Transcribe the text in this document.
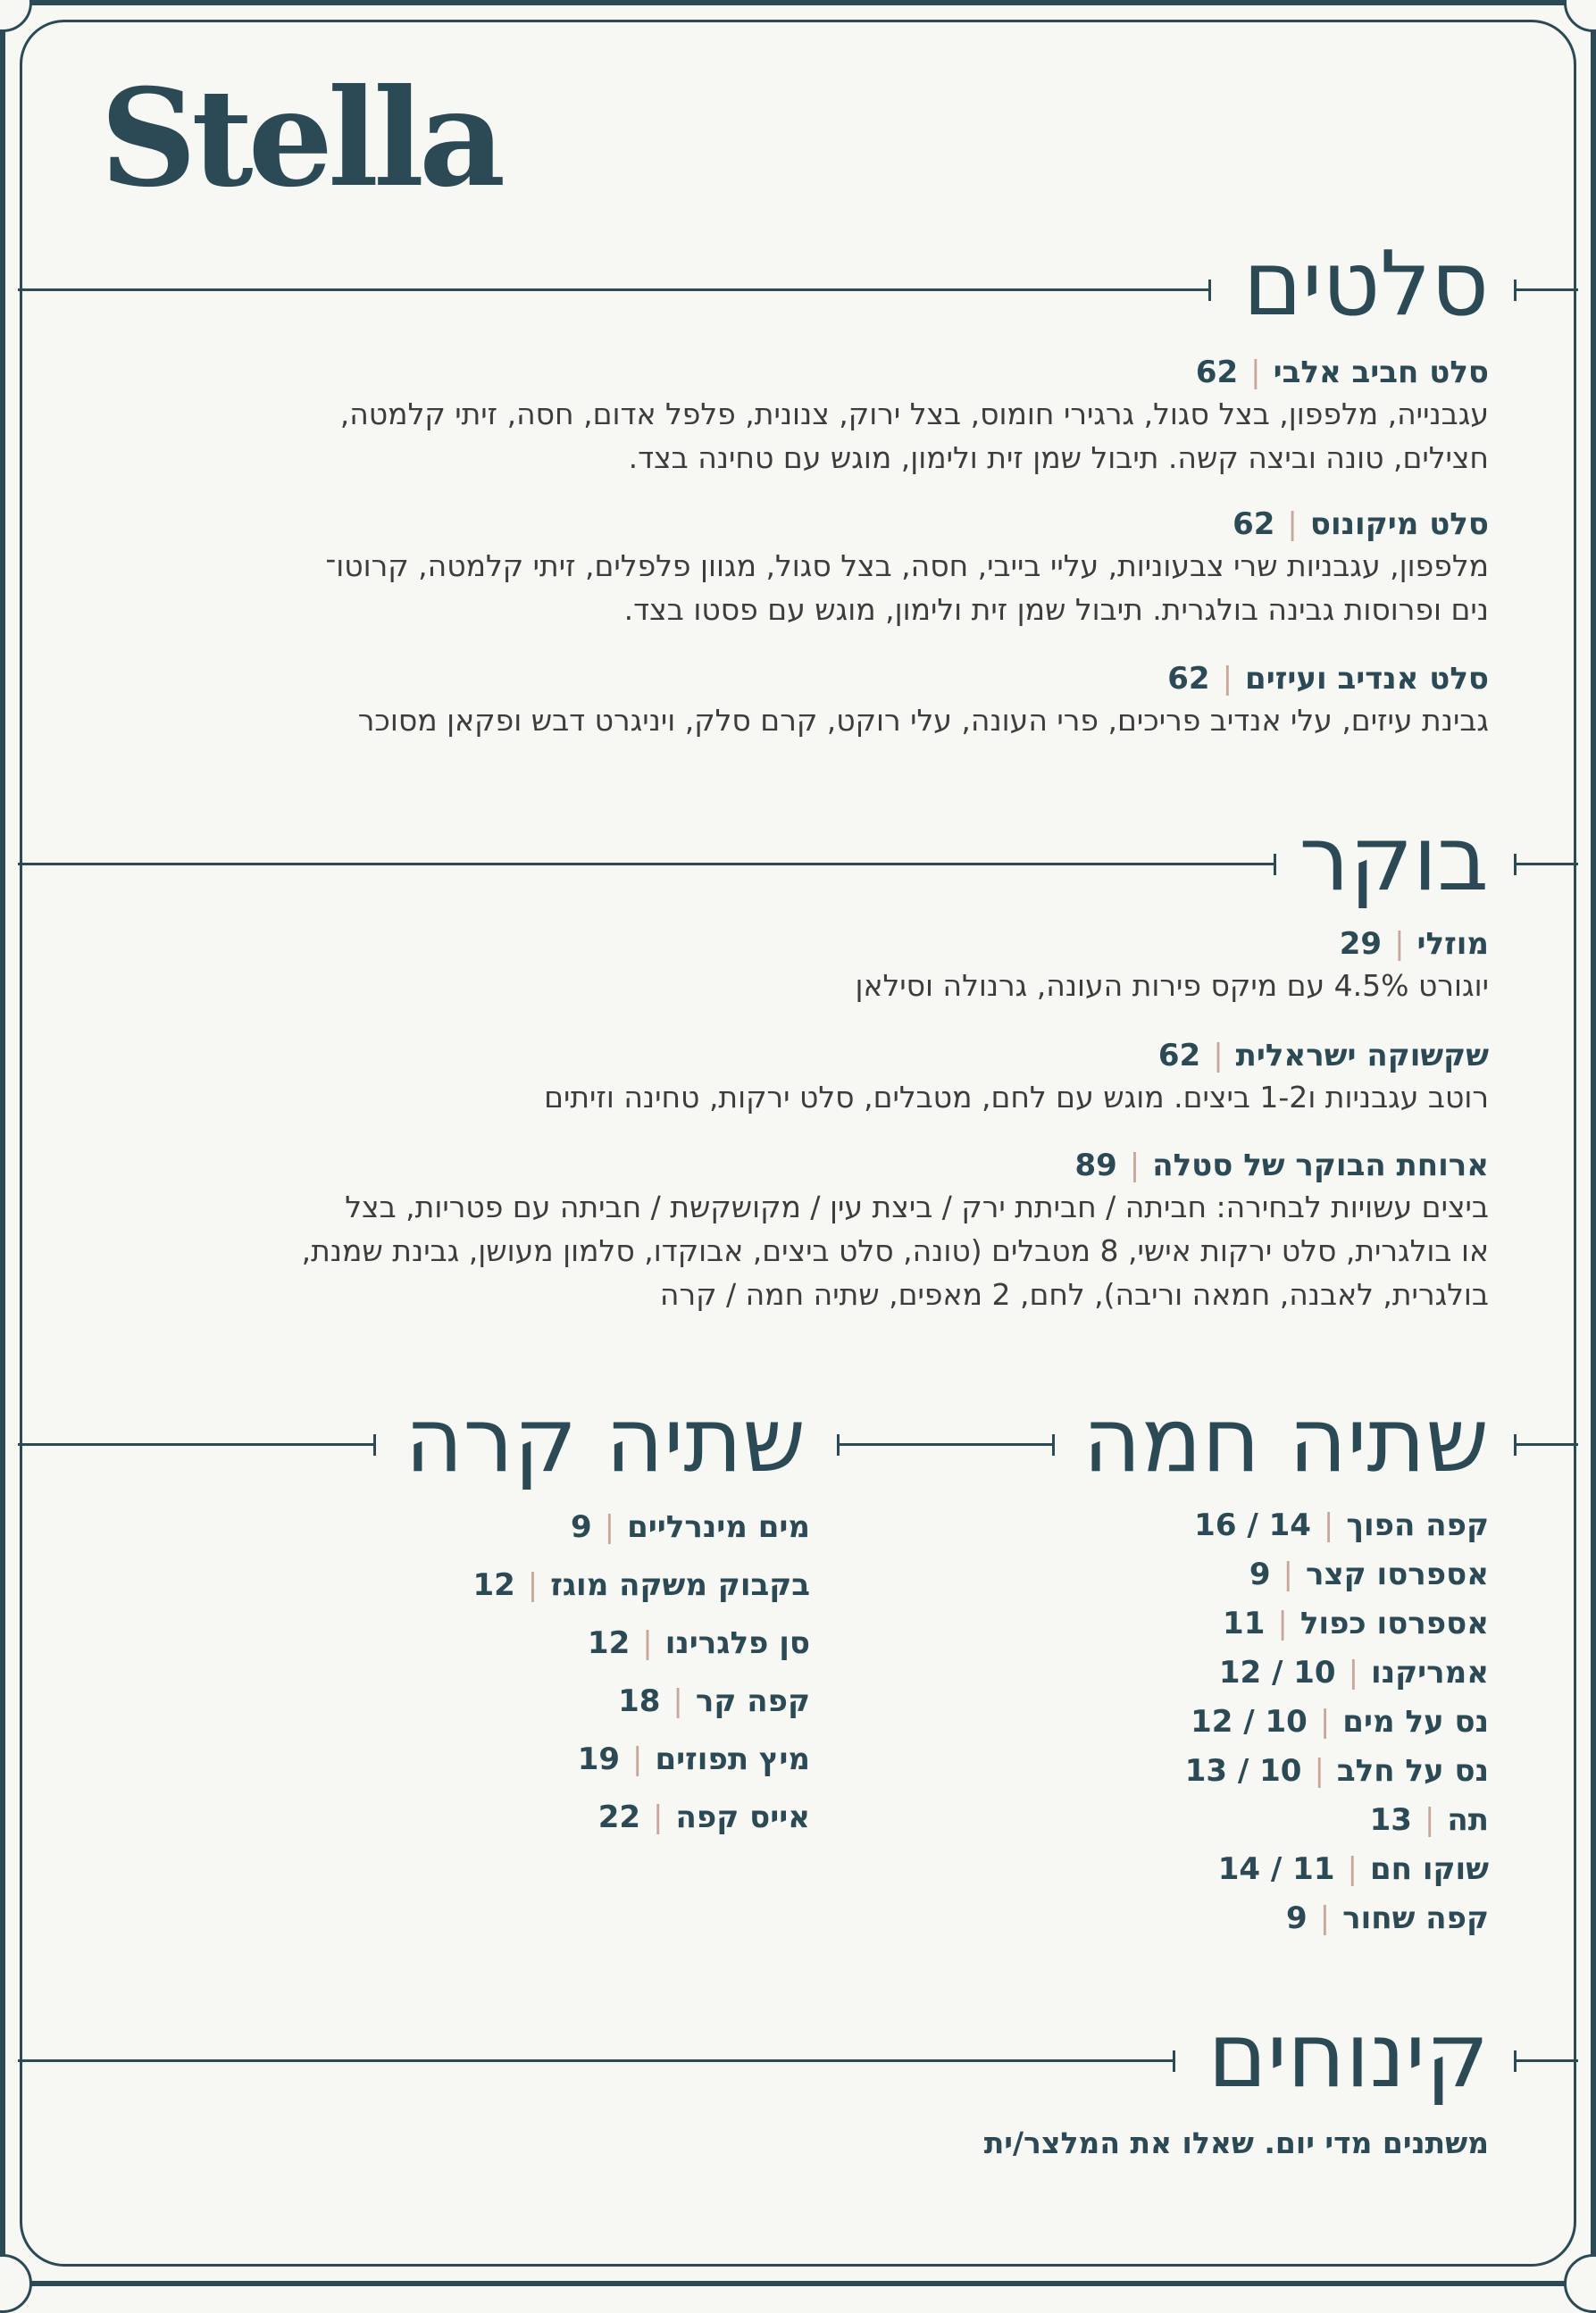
Stella
סלטים
סלט חביב אלבי|62
עגבנייה, מלפפון, בצל סגול, גרגירי חומוס, בצל ירוק, צנונית, פלפל אדום, חסה, זיתי קלמטה,
חצילים, טונה וביצה קשה. תיבול שמן זית ולימון, מוגש עם טחינה בצד.
סלט מיקונוס|62
מלפפון, עגבניות שרי צבעוניות, עליי בייבי, חסה, בצל סגול, מגוון פלפלים, זיתי קלמטה, קרוטו־
נים ופרוסות גבינה בולגרית. תיבול שמן זית ולימון, מוגש עם פסטו בצד.
סלט אנדיב ועיזים|62
גבינת עיזים, עלי אנדיב פריכים, פרי העונה, עלי רוקט, קרם סלק, ויניגרט דבש ופקאן מסוכר
בוקר
מוזלי|29
יוגורט 4.5% עם מיקס פירות העונה, גרנולה וסילאן
שקשוקה ישראלית|62
רוטב עגבניות ו1-2 ביצים. מוגש עם לחם, מטבלים, סלט ירקות, טחינה וזיתים
ארוחת הבוקר של סטלה|89
ביצים עשויות לבחירה: חביתה / חביתת ירק / ביצת עין / מקושקשת / חביתה עם פטריות, בצל
או בולגרית, סלט ירקות אישי, 8 מטבלים (טונה, סלט ביצים, אבוקדו, סלמון מעושן, גבינת שמנת,
בולגרית, לאבנה, חמאה וריבה), לחם, 2 מאפים, שתיה חמה / קרה
שתיה קרה	שתיה חמה
קפה הפוך|14 / 16
אספרסו קצר|9
אספרסו כפול|11
אמריקנו|10 / 12
נס על מים|10 / 12
נס על חלב|10 / 13
תה|13
שוקו חם|11 / 14
קפה שחור|9
מים מינרליים|9
בקבוק משקה מוגז|12
סן פלגרינו|12
קפה קר|18
מיץ תפוזים|19
אייס קפה|22
קינוחים
משתנים מדי יום. שאלו את המלצר/ית
